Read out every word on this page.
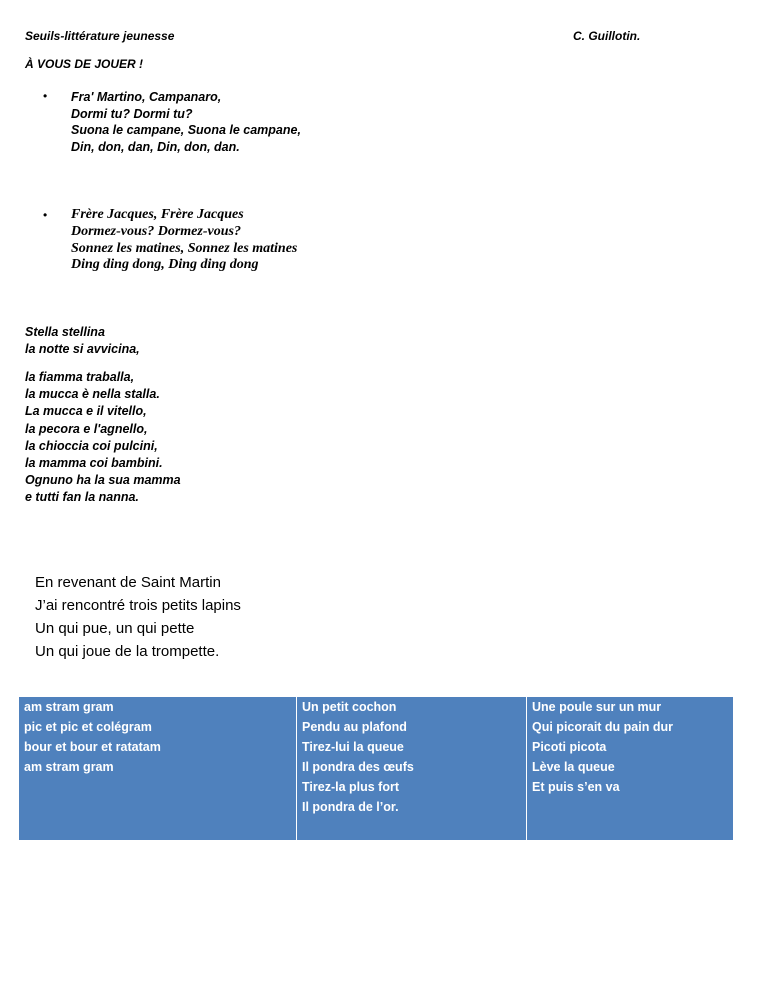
Seuils-littérature jeunesse	C. Guillotin.
À VOUS DE JOUER !
• Fra' Martino, Campanaro,
Dormi tu? Dormi tu?
Suona le campane, Suona le campane,
Din, don, dan, Din, don, dan.
• Frère Jacques, Frère Jacques
Dormez-vous? Dormez-vous?
Sonnez les matines, Sonnez les matines
Ding ding dong, Ding ding dong
Stella stellina
la notte si avvicina,
la fiamma traballa,
la mucca è nella stalla.
La mucca e il vitello,
la pecora e l'agnello,
la chioccia coi pulcini,
la mamma coi bambini.
Ognuno ha la sua mamma
e tutti fan la nanna.
En revenant de Saint Martin
J’ai rencontré trois petits lapins
Un qui pue, un qui pette
Un qui joue de la trompette.
am stram gram
pic et pic et colégram
bour et bour et ratatam
am stram gram
Un petit cochon
Pendu au plafond
Tirez-lui la queue
Il pondra des œufs
Tirez-la plus fort
Il pondra de l’or.
Une poule sur un mur
Qui picorait du pain dur
Picoti picota
Lève la queue
Et puis s’en va
